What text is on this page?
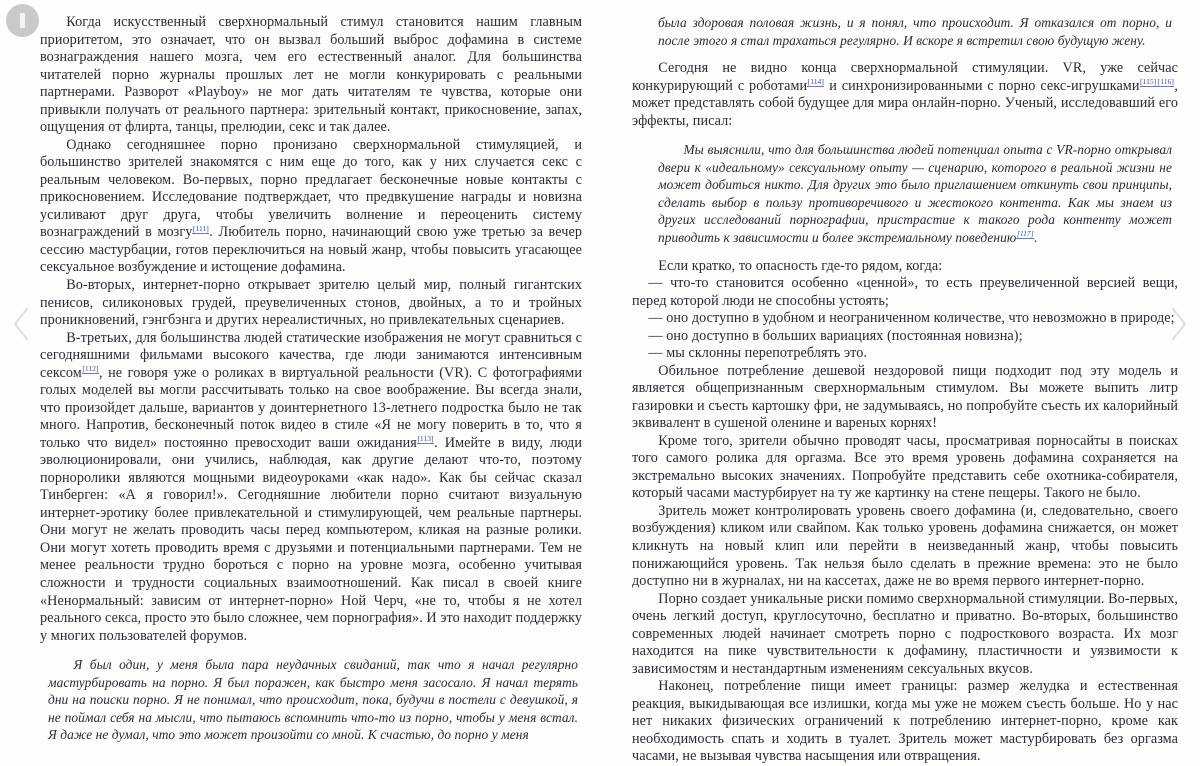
Когда искусственный сверхнормальный стимул становится нашим главным приоритетом, это означает, что он вызвал больший выброс дофамина в системе вознаграждения нашего мозга, чем его естественный аналог. Для большинства читателей порно журналы прошлых лет не могли конкурировать с реальными партнерами. Разворот «Playboy» не мог дать читателям те чувства, которые они привыкли получать от реального партнера: зрительный контакт, прикосновение, запах, ощущения от флирта, танцы, прелюдии, секс и так далее.

Однако сегодняшнее порно пронизано сверхнормальной стимуляцией, и большинство зрителей знакомятся с ним еще до того, как у них случается секс с реальным человеком. Во-первых, порно предлагает бесконечные новые контакты с прикосновением. Исследование подтверждает, что предвкушение награды и новизна усиливают друг друга, чтобы увеличить волнение и переоценить систему вознаграждений в мозгу[111]. Любитель порно, начинающий свою уже третью за вечер сессию мастурбации, готов переключиться на новый жанр, чтобы повысить угасающее сексуальное возбуждение и истощение дофамина.

Во-вторых, интернет-порно открывает зрителю целый мир, полный гигантских пенисов, силиконовых грудей, преувеличенных стонов, двойных, а то и тройных проникновений, гэнгбэнга и других нереалистичных, но привлекательных сценариев.

В-третьих, для большинства людей статические изображения не могут сравниться с сегодняшними фильмами высокого качества, где люди занимаются интенсивным сексом[112], не говоря уже о роликах в виртуальной реальности (VR). С фотографиями голых моделей вы могли рассчитывать только на свое воображение. Вы всегда знали, что произойдет дальше, вариантов у доинтернетного 13-летнего подростка было не так много. Напротив, бесконечный поток видео в стиле «Я не могу поверить в то, что я только что видел» постоянно превосходит ваши ожидания[113]. Имейте в виду, люди эволюционировали, они учились, наблюдая, как другие делают что-то, поэтому порноролики являются мощными видеоуроками «как надо». Как бы сейчас сказал Тинберген: «А я говорил!». Сегодняшние любители порно считают визуальную интернет-эротику более привлекательной и стимулирующей, чем реальные партнеры. Они могут не желать проводить часы перед компьютером, кликая на разные ролики. Они могут хотеть проводить время с друзьями и потенциальными партнерами. Тем не менее реальности трудно бороться с порно на уровне мозга, особенно учитывая сложности и трудности социальных взаимоотношений. Как писал в своей книге «Ненормальный: зависим от интернет-порно» Ной Черч, «не то, чтобы я не хотел реального секса, просто это было сложнее, чем порнография». И это находит поддержку у многих пользователей форумов.

Я был один, у меня была пара неудачных свиданий, так что я начал регулярно мастурбировать на порно. Я был поражен, как быстро меня засосало. Я начал терять дни на поиски порно. Я не понимал, что происходит, пока, будучи в постели с девушкой, я не поймал себя на мысли, что пытаюсь вспомнить что-то из порно, чтобы у меня встал. Я даже не думал, что это может произойти со мной. К счастью, до порно у меня

была здоровая половая жизнь, и я понял, что происходит. Я отказался от порно, и после этого я стал трахаться регулярно. И вскоре я встретил свою будущую жену.

Сегодня не видно конца сверхнормальной стимуляции. VR, уже сейчас конкурирующий с роботами[114] и синхронизированными с порно секс-игрушками[115] [116], может представлять собой будущее для мира онлайн-порно. Ученый, исследовавший его эффекты, писал:

Мы выяснили, что для большинства людей потенциал опыта с VR-порно открывал двери к «идеальному» сексуальному опыту — сценарию, которого в реальной жизни не может добиться никто. Для других это было приглашением откинуть свои принципы, сделать выбор в пользу противоречивого и жестокого контента. Как мы знаем из других исследований порнографии, пристрастие к такого рода контенту может приводить к зависимости и более экстремальному поведению[117].

Если кратко, то опасность где-то рядом, когда:

— что-то становится особенно «ценной», то есть преувеличенной версией вещи, перед которой люди не способны устоять;

— оно доступно в удобном и неограниченном количестве, что невозможно в природе;

— оно доступно в больших вариациях (постоянная новизна);

— мы склонны перепотреблять это.

Обильное потребление дешевой нездоровой пищи подходит под эту модель и является общепризнанным сверхнормальным стимулом. Вы можете выпить литр газировки и съесть картошку фри, не задумываясь, но попробуйте съесть их калорийный эквивалент в сушеной оленине и вареных корнях!

Кроме того, зрители обычно проводят часы, просматривая порносайты в поисках того самого ролика для оргазма. Все это время уровень дофамина сохраняется на экстремально высоких значениях. Попробуйте представить себе охотника-собирателя, который часами мастурбирует на ту же картинку на стене пещеры. Такого не было.

Зритель может контролировать уровень своего дофамина (и, следовательно, своего возбуждения) кликом или свайпом. Как только уровень дофамина снижается, он может кликнуть на новый клип или перейти в неизведанный жанр, чтобы повысить понижающийся уровень. Так нельзя было сделать в прежние времена: это не было доступно ни в журналах, ни на кассетах, даже не во время первого интернет-порно.

Порно создает уникальные риски помимо сверхнормальной стимуляции. Во-первых, очень легкий доступ, круглосуточно, бесплатно и приватно. Во-вторых, большинство современных людей начинает смотреть порно с подросткового возраста. Их мозг находится на пике чувствительности к дофамину, пластичности и уязвимости к зависимостям и нестандартным изменениям сексуальных вкусов.

Наконец, потребление пищи имеет границы: размер желудка и естественная реакция, выкидывающая все излишки, когда мы уже не можем съесть больше. Но у нас нет никаких физических ограничений к потреблению интернет-порно, кроме как необходимость спать и ходить в туалет. Зритель может мастурбировать без оргазма часами, не вызывая чувства насыщения или отвращения.
